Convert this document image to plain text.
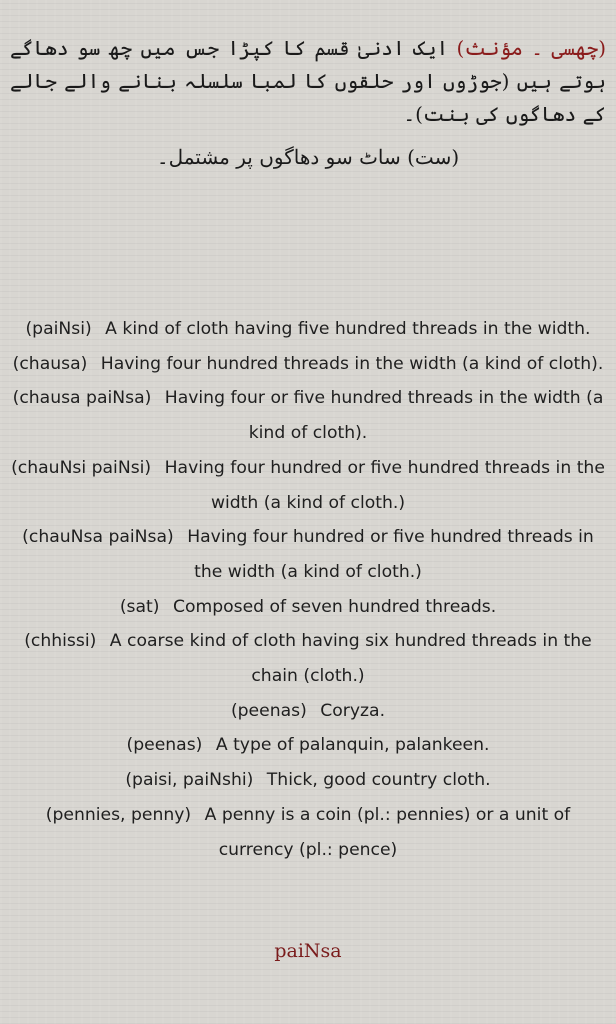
(چھسی ۔ مؤنث) ایک ادنیٰ قسم کا کپڑا جس میں چھ سو دھاگے ہوتے ہیں (جوڑوں اور حلقوں کا لمبا سلسلہ بنانے والے جالے کے دھاگوں کی بنت)۔

(ست) ساٹ سو دھاگوں پر مشتمل۔

(paiNsi) A kind of cloth having five hundred threads in the width.

(chausa) Having four hundred threads in the width (a kind of cloth).

(chausa paiNsa) Having four or five hundred threads in the width (a kind of cloth).

(chauNsi paiNsi) Having four hundred or five hundred threads in the width (a kind of cloth.)

(chauNsa paiNsa) Having four hundred or five hundred threads in the width (a kind of cloth.)

(sat) Composed of seven hundred threads.

(chhissi) A coarse kind of cloth having six hundred threads in the chain (cloth.)

(peenas) Coryza.

(peenas) A type of palanquin, palankeen.

(paisi, paiNshi) Thick, good country cloth.

(pennies, penny) A penny is a coin (pl.: pennies) or a unit of currency (pl.: pence)

paiNsa
